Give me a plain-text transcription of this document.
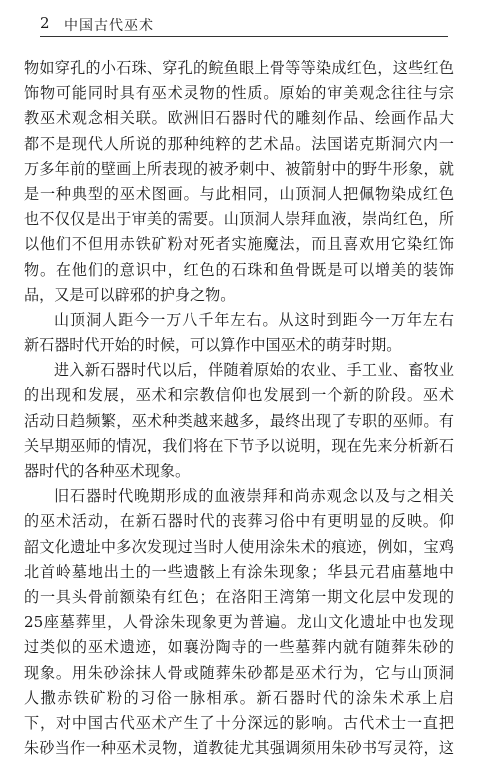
2 中国古代巫术
物如穿孔的小石珠、穿孔的鲩鱼眼上骨等等染成红色，这些红色
饰物可能同时具有巫术灵物的性质。原始的审美观念往往与宗
教巫术观念相关联。欧洲旧石器时代的雕刻作品、绘画作品大
都不是现代人所说的那种纯粹的艺术品。法国诺克斯洞穴内一
万多年前的壁画上所表现的被矛刺中、被箭射中的野牛形象，就
是一种典型的巫术图画。与此相同，山顶洞人把佩物染成红色
也不仅仅是出于审美的需要。山顶洞人崇拜血液，崇尚红色，所
以他们不但用赤铁矿粉对死者实施魔法，而且喜欢用它染红饰
物。在他们的意识中，红色的石珠和鱼骨既是可以增美的装饰
品，又是可以辟邪的护身之物。
山顶洞人距今一万八千年左右。从这时到距今一万年左右
新石器时代开始的时候，可以算作中国巫术的萌芽时期。
进入新石器时代以后，伴随着原始的农业、手工业、畜牧业
的出现和发展，巫术和宗教信仰也发展到一个新的阶段。巫术
活动日趋频繁，巫术种类越来越多，最终出现了专职的巫师。有
关早期巫师的情况，我们将在下节予以说明，现在先来分析新石
器时代的各种巫术现象。
旧石器时代晚期形成的血液崇拜和尚赤观念以及与之相关
的巫术活动，在新石器时代的丧葬习俗中有更明显的反映。仰
韶文化遗址中多次发现过当时人使用涂朱术的痕迹，例如，宝鸡
北首岭墓地出土的一些遗骸上有涂朱现象；华县元君庙墓地中
的一具头骨前额染有红色；在洛阳王湾第一期文化层中发现的
25座墓葬里，人骨涂朱现象更为普遍。龙山文化遗址中也发现
过类似的巫术遗迹，如襄汾陶寺的一些墓葬内就有随葬朱砂的
现象。用朱砂涂抹人骨或随葬朱砂都是巫术行为，它与山顶洞
人撒赤铁矿粉的习俗一脉相承。新石器时代的涂朱术承上启
下，对中国古代巫术产生了十分深远的影响。古代术士一直把
朱砂当作一种巫术灵物，道教徒尤其强调须用朱砂书写灵符，这
